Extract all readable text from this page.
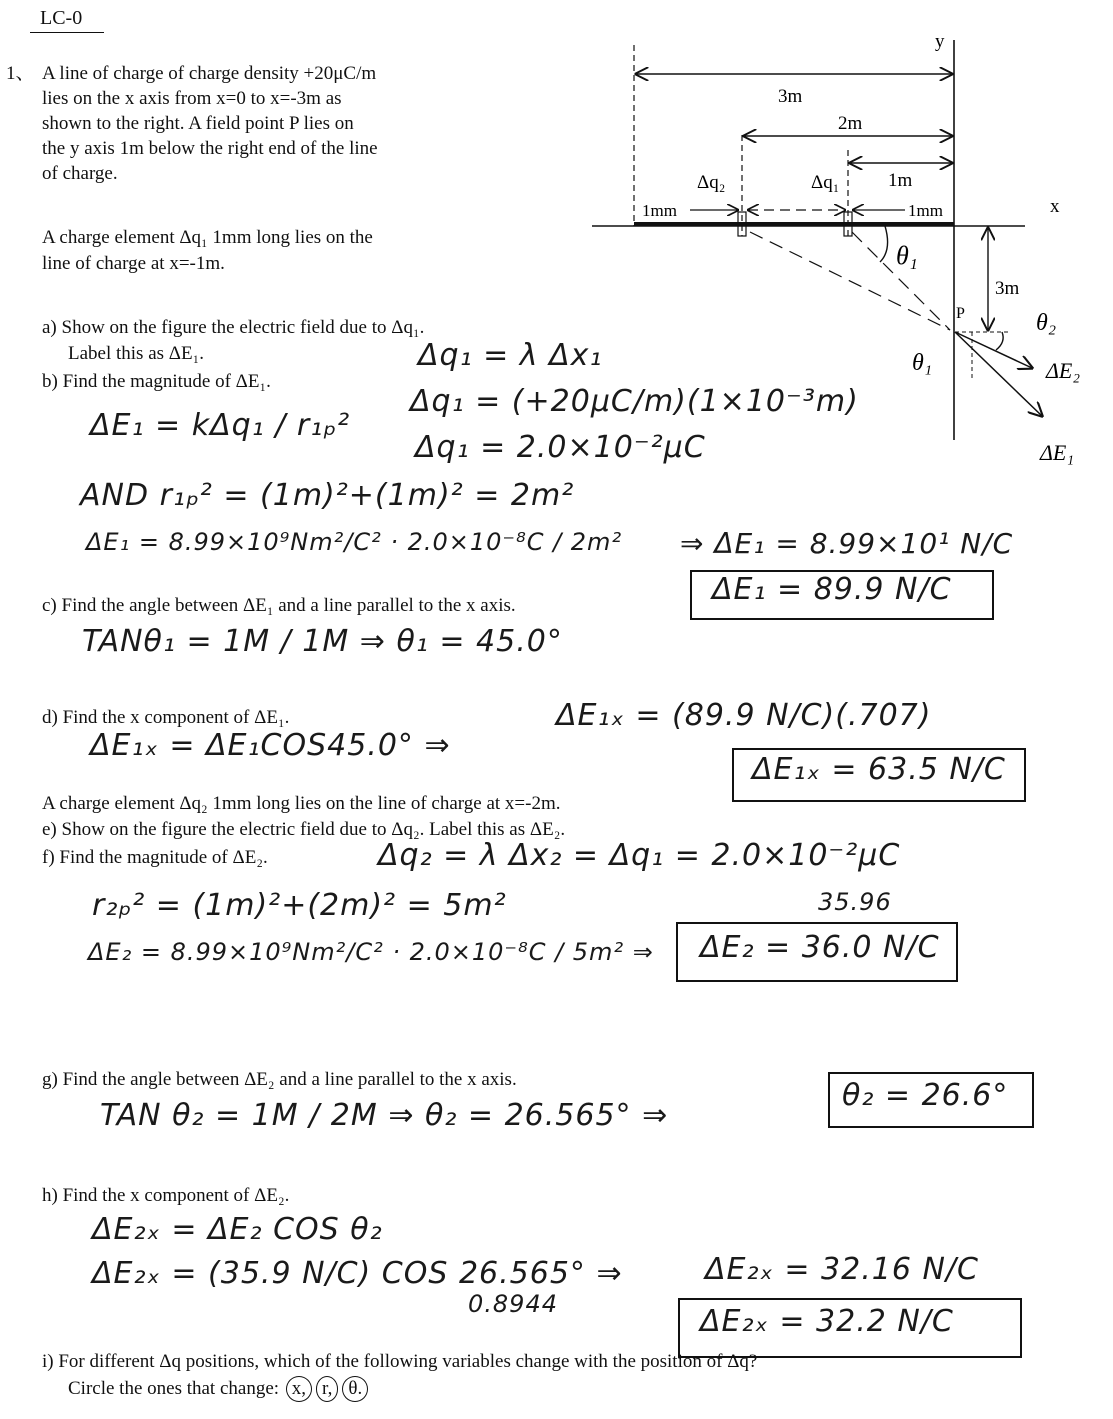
LC-0
1、 A line of charge of charge density +20μC/m
lies on the x axis from x=0 to x=-3m as
shown to the right. A field point P lies on
the y axis 1m below the right end of the line
of charge.
A charge element Δq₁ 1mm long lies on the
line of charge at x=-1m.
y
x
3m
2m
1m
Δq₂	Δq₁
1mm	1mm
3m
P
θ₁
θ₂
θ₁	ΔE₂
ΔE₁
a) Show on the figure the electric field due to Δq₁.
Label this as ΔE₁.
b) Find the magnitude of ΔE₁.
Δq₁ = λ Δx₁
Δq₁ = (+20μC/m)(1×10⁻³m)
Δq₁ = 2.0×10⁻²μC
ΔE₁ = kΔq₁ / r₁ₚ²
AND r₁ₚ² = (1m)²+(1m)² = 2m²
ΔE₁ = 8.99×10⁹Nm²/C² · 2.0×10⁻⁸C / 2m² ⇒ ΔE₁ = 8.99×10¹ N/C
ΔE₁ = 89.9 N/C
c) Find the angle between ΔE₁ and a line parallel to the x axis.
TANθ₁ = 1M / 1M ⇒ θ₁ = 45.0°
d) Find the x component of ΔE₁.
ΔE₁ₓ = ΔE₁COS45.0° ⇒
ΔE₁ₓ = (89.9 N/C)(.707)
ΔE₁ₓ = 63.5 N/C
A charge element Δq₂ 1mm long lies on the line of charge at x=-2m.
e) Show on the figure the electric field due to Δq₂. Label this as ΔE₂.
f) Find the magnitude of ΔE₂.	Δq₂ = λ Δx₂ = Δq₁ = 2.0×10⁻²μC
r₂ₚ² = (1m)²+(2m)² = 5m²	35.96
ΔE₂ = 8.99×10⁹Nm²/C² · 2.0×10⁻⁸C / 5m² ⇒ ΔE₂ = 36.0 N/C
g) Find the angle between ΔE₂ and a line parallel to the x axis.
TAN θ₂ = 1M / 2M ⇒ θ₂ = 26.565° ⇒
θ₂ = 26.6°
h) Find the x component of ΔE₂.
ΔE₂ₓ = ΔE₂ COS θ₂
ΔE₂ₓ = (35.9 N/C) COS 26.565° ⇒
0.8944
ΔE₂ₓ = 32.16 N/C
ΔE₂ₓ = 32.2 N/C
i) For different Δq positions, which of the following variables change with the position of Δq?
Circle the ones that change: x, r, θ.
